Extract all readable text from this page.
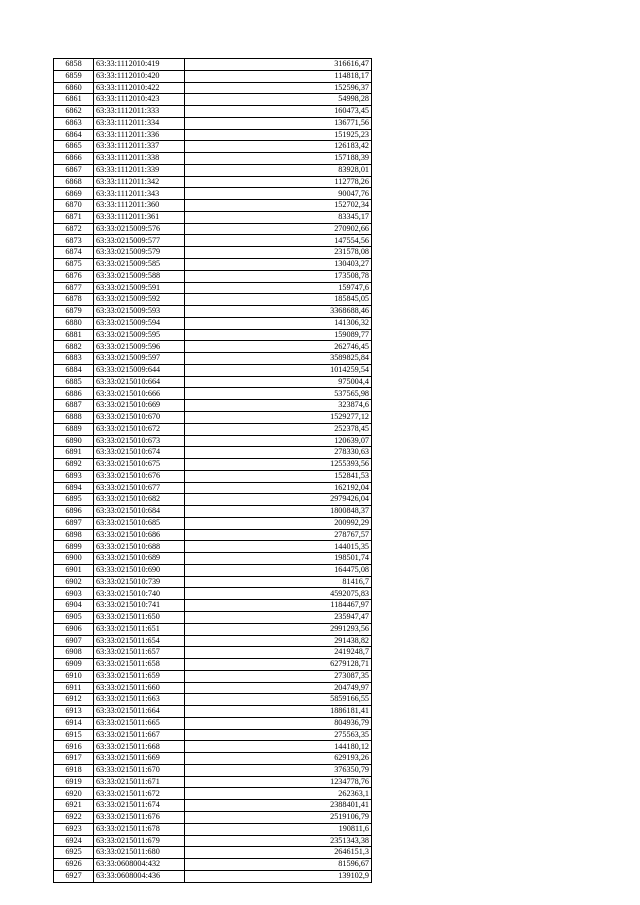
6858	63:33:1112010:419	316616,47
6859	63:33:1112010:420	114818,17
6860	63:33:1112010:422	152596,37
6861	63:33:1112010:423	54998,28
6862	63:33:1112011:333	160473,45
6863	63:33:1112011:334	136771,56
6864	63:33:1112011:336	151925,23
6865	63:33:1112011:337	126183,42
6866	63:33:1112011:338	157188,39
6867	63:33:1112011:339	83928,01
6868	63:33:1112011:342	112778,26
6869	63:33:1112011:343	90047,76
6870	63:33:1112011:360	152702,34
6871	63:33:1112011:361	83345,17
6872	63:33:0215009:576	270902,66
6873	63:33:0215009:577	147554,56
6874	63:33:0215009:579	231578,08
6875	63:33:0215009:585	130403,27
6876	63:33:0215009:588	173508,78
6877	63:33:0215009:591	159747,6
6878	63:33:0215009:592	185845,05
6879	63:33:0215009:593	3368688,46
6880	63:33:0215009:594	141306,32
6881	63:33:0215009:595	159089,77
6882	63:33:0215009:596	262746,45
6883	63:33:0215009:597	3589825,84
6884	63:33:0215009:644	1014259,54
6885	63:33:0215010:664	975004,4
6886	63:33:0215010:666	537565,98
6887	63:33:0215010:669	323874,6
6888	63:33:0215010:670	1529277,12
6889	63:33:0215010:672	252378,45
6890	63:33:0215010:673	120639,07
6891	63:33:0215010:674	278330,63
6892	63:33:0215010:675	1255393,56
6893	63:33:0215010:676	152841,53
6894	63:33:0215010:677	162192,04
6895	63:33:0215010:682	2979426,04
6896	63:33:0215010:684	1800848,37
6897	63:33:0215010:685	200992,29
6898	63:33:0215010:686	278767,57
6899	63:33:0215010:688	144015,35
6900	63:33:0215010:689	198501,74
6901	63:33:0215010:690	164475,08
6902	63:33:0215010:739	81416,7
6903	63:33:0215010:740	4592075,83
6904	63:33:0215010:741	1184467,97
6905	63:33:0215011:650	235947,47
6906	63:33:0215011:651	2991293,56
6907	63:33:0215011:654	291438,82
6908	63:33:0215011:657	2419248,7
6909	63:33:0215011:658	6279128,71
6910	63:33:0215011:659	273087,35
6911	63:33:0215011:660	204749,97
6912	63:33:0215011:663	5859166,55
6913	63:33:0215011:664	1886181,41
6914	63:33:0215011:665	804936,79
6915	63:33:0215011:667	275563,35
6916	63:33:0215011:668	144180,12
6917	63:33:0215011:669	629193,26
6918	63:33:0215011:670	376350,79
6919	63:33:0215011:671	1234778,76
6920	63:33:0215011:672	262363,1
6921	63:33:0215011:674	2388401,41
6922	63:33:0215011:676	2519106,79
6923	63:33:0215011:678	190811,6
6924	63:33:0215011:679	2351343,38
6925	63:33:0215011:680	2646151,3
6926	63:33:0608004:432	81596,67
6927	63:33:0608004:436	139102,9
